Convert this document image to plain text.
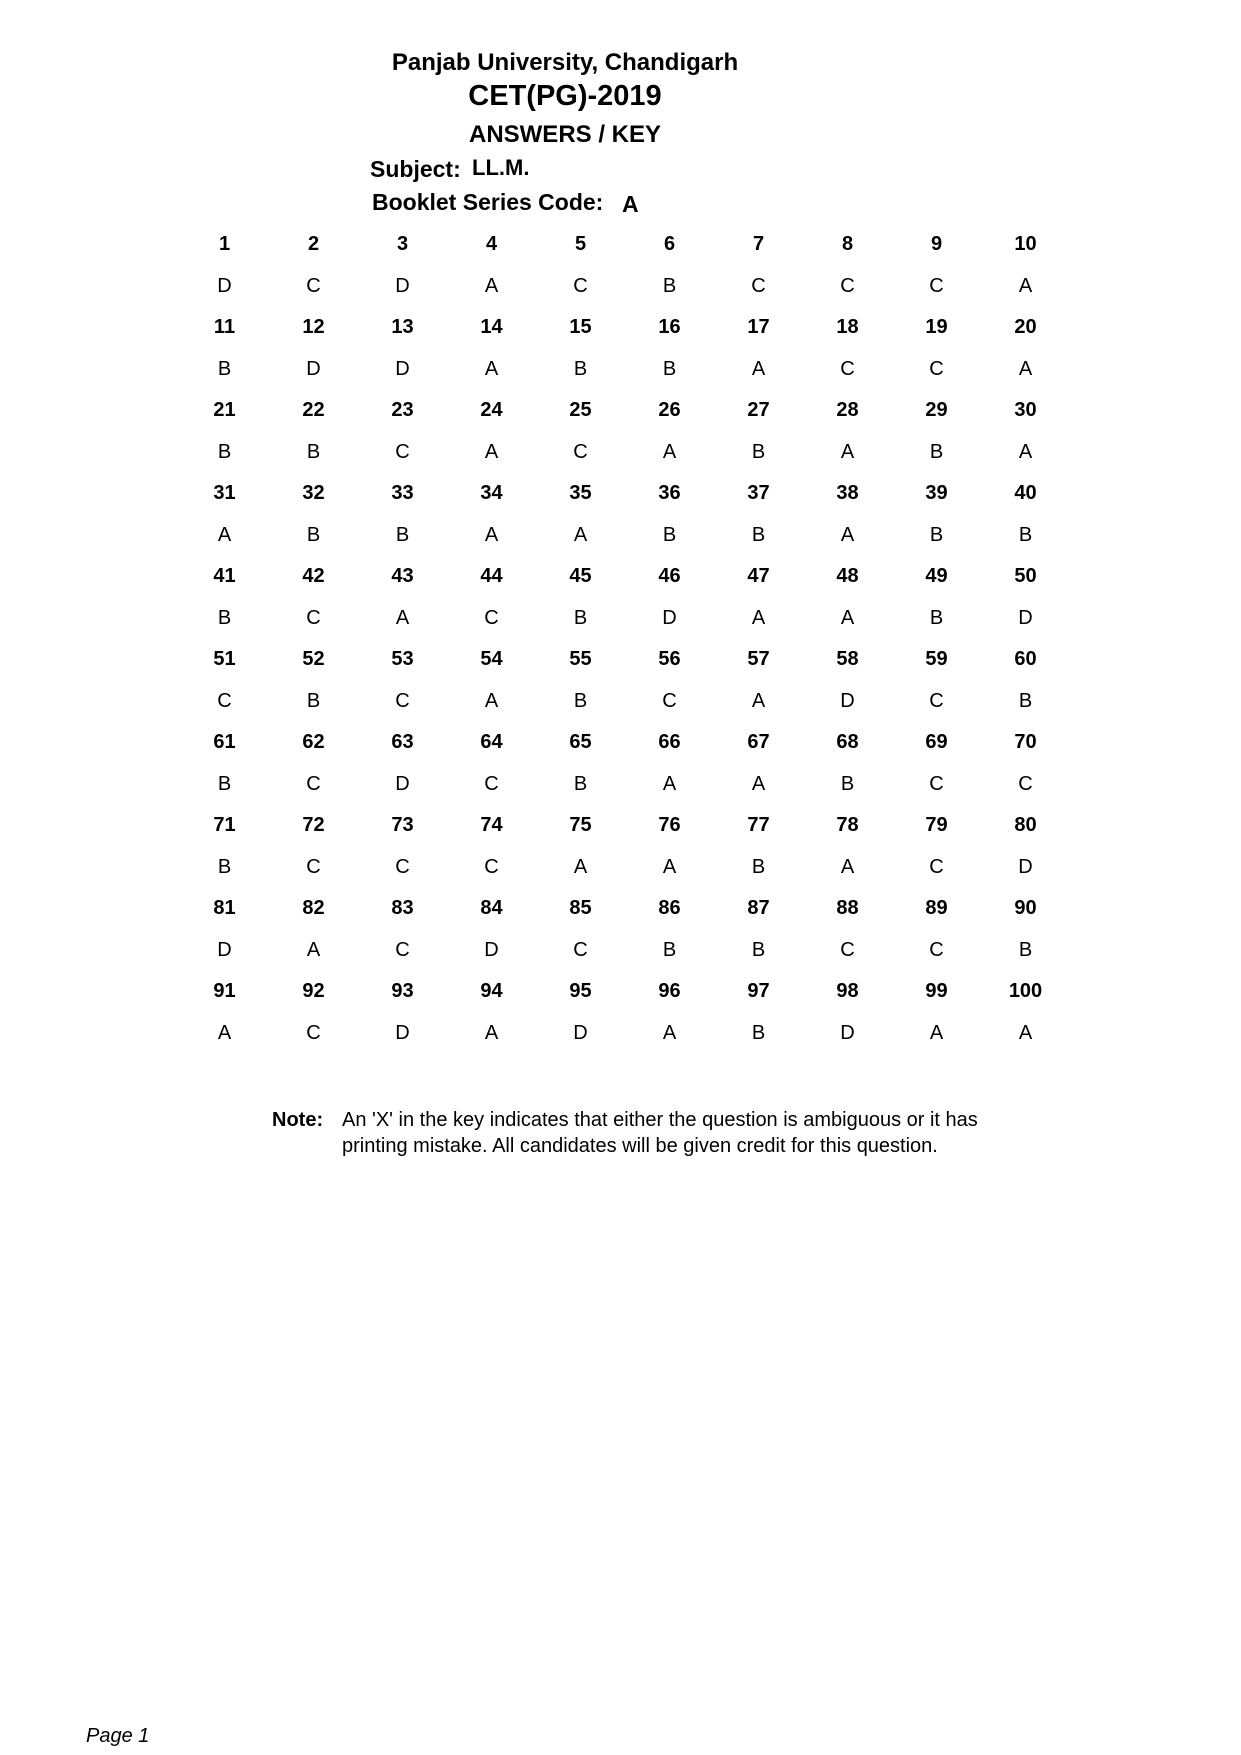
Panjab University, Chandigarh
CET(PG)-2019
ANSWERS / KEY
Subject: LL.M.
Booklet Series Code: A
1	2	3	4	5	6	7	8	9	10
D	C	D	A	C	B	C	C	C	A
11	12	13	14	15	16	17	18	19	20
B	D	D	A	B	B	A	C	C	A
21	22	23	24	25	26	27	28	29	30
B	B	C	A	C	A	B	A	B	A
31	32	33	34	35	36	37	38	39	40
A	B	B	A	A	B	B	A	B	B
41	42	43	44	45	46	47	48	49	50
B	C	A	C	B	D	A	A	B	D
51	52	53	54	55	56	57	58	59	60
C	B	C	A	B	C	A	D	C	B
61	62	63	64	65	66	67	68	69	70
B	C	D	C	B	A	A	B	C	C
71	72	73	74	75	76	77	78	79	80
B	C	C	C	A	A	B	A	C	D
81	82	83	84	85	86	87	88	89	90
D	A	C	D	C	B	B	C	C	B
91	92	93	94	95	96	97	98	99	100
A	C	D	A	D	A	B	D	A	A
Note: An 'X' in the key indicates that either the question is ambiguous or it has printing mistake. All candidates will be given credit for this question.
Page 1
